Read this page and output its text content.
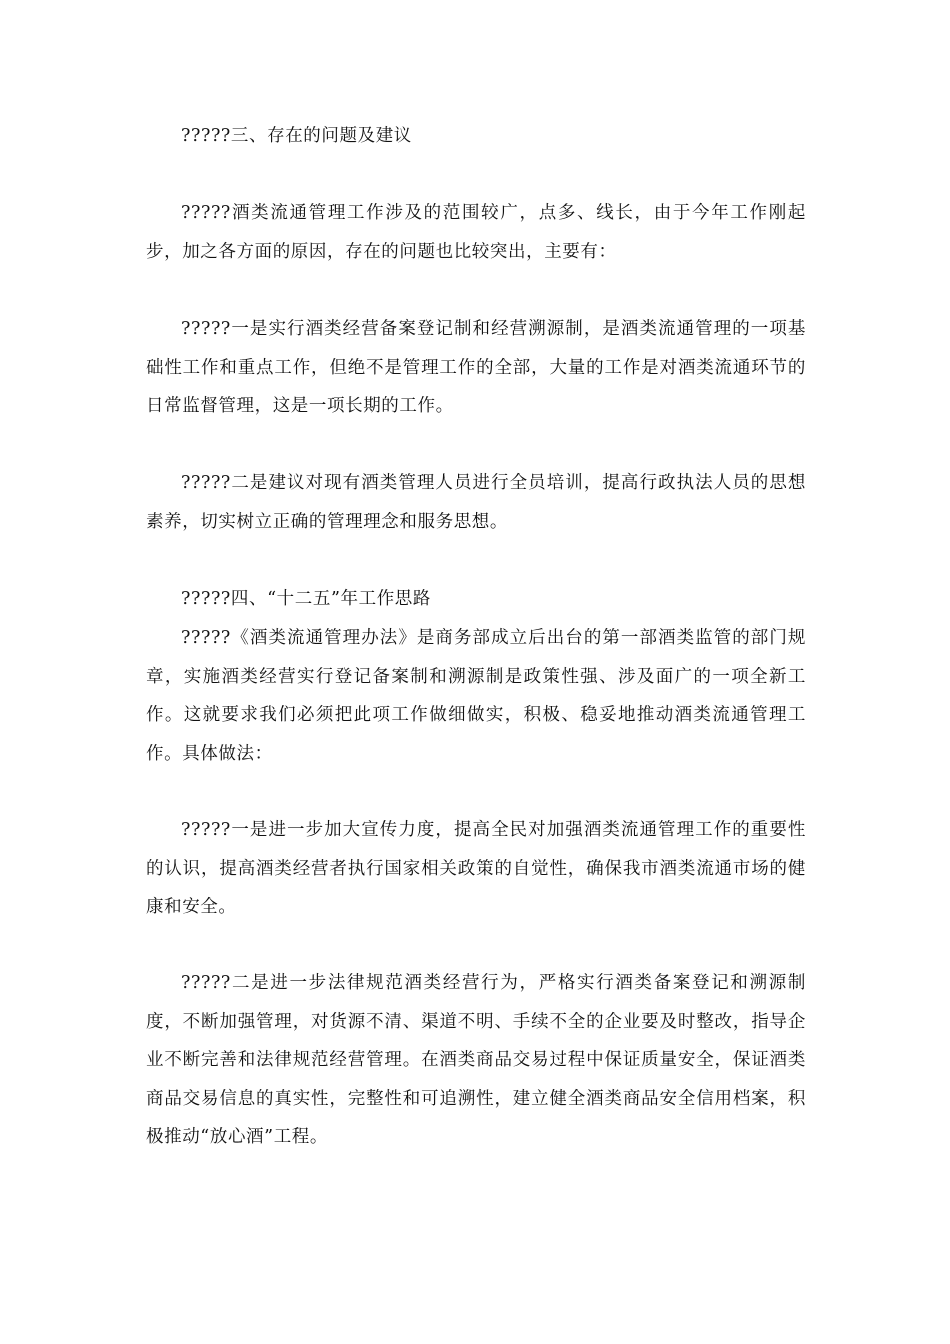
?????三、存在的问题及建议

?????酒类流通管理工作涉及的范围较广，点多、线长，由于今年工作刚起步，加之各方面的原因，存在的问题也比较突出，主要有：

?????一是实行酒类经营备案登记制和经营溯源制，是酒类流通管理的一项基础性工作和重点工作，但绝不是管理工作的全部，大量的工作是对酒类流通环节的日常监督管理，这是一项长期的工作。

?????二是建议对现有酒类管理人员进行全员培训，提高行政执法人员的思想素养，切实树立正确的管理理念和服务思想。

?????四、“十二五”年工作思路

?????《酒类流通管理办法》是商务部成立后出台的第一部酒类监管的部门规章，实施酒类经营实行登记备案制和溯源制是政策性强、涉及面广的一项全新工作。这就要求我们必须把此项工作做细做实，积极、稳妥地推动酒类流通管理工作。具体做法：

?????一是进一步加大宣传力度，提高全民对加强酒类流通管理工作的重要性的认识，提高酒类经营者执行国家相关政策的自觉性，确保我市酒类流通市场的健康和安全。

?????二是进一步法律规范酒类经营行为，严格实行酒类备案登记和溯源制度，不断加强管理，对货源不清、渠道不明、手续不全的企业要及时整改，指导企业不断完善和法律规范经营管理。在酒类商品交易过程中保证质量安全，保证酒类商品交易信息的真实性，完整性和可追溯性，建立健全酒类商品安全信用档案，积极推动“放心酒”工程。
